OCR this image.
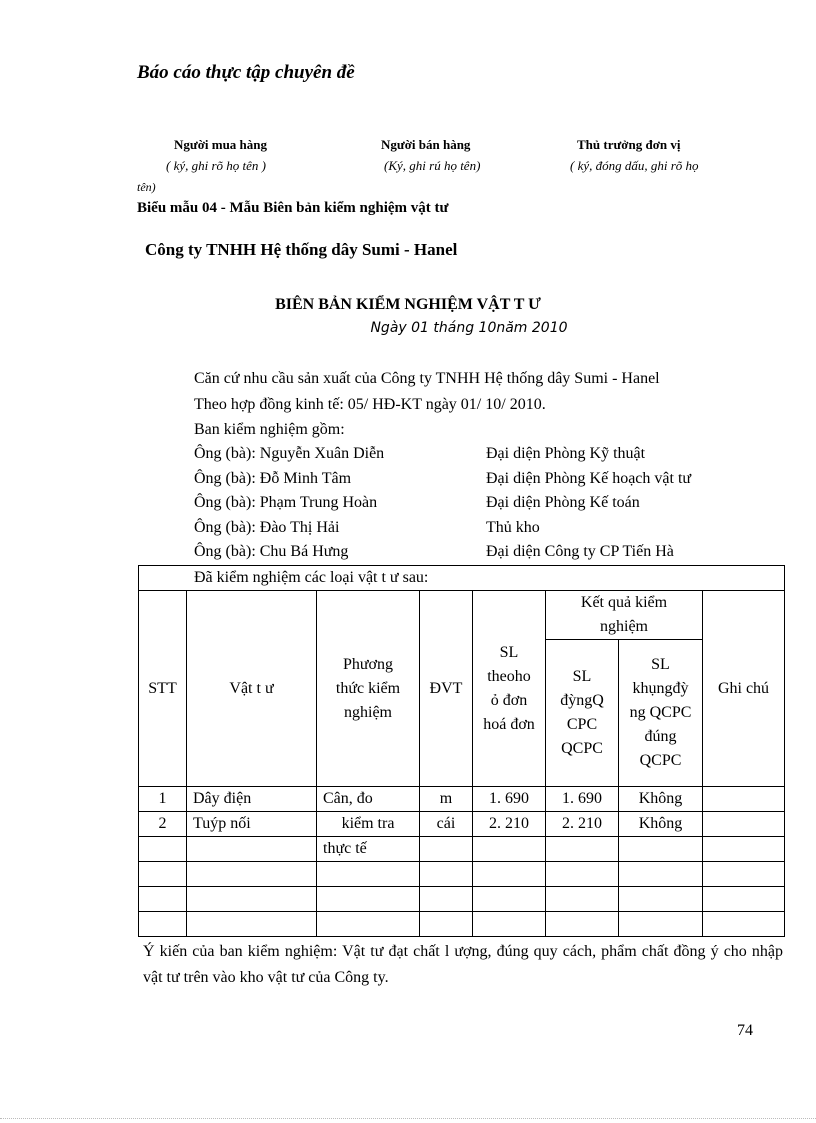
Báo cáo thực tập chuyên đề
Người mua hàng	Người bán hàng	Thủ trưởng đơn vị
( ký, ghi rõ họ tên )	(Ký, ghi rú họ tên)	( ký, đóng dấu, ghi rõ họ
tên)
Biểu mẫu 04 - Mẫu Biên bản kiểm nghiệm vật tư
Công ty TNHH Hệ thống dây Sumi - Hanel
BIÊN BẢN KIỂM NGHIỆM VẬT T Ư
Ngày 01 tháng 10năm 2010
Căn cứ nhu cầu sản xuất của Công ty TNHH Hệ thống dây Sumi - Hanel
Theo hợp đồng kinh tế: 05/ HĐ-KT ngày 01/ 10/ 2010.
Ban kiểm nghiệm gồm:
Ông (bà): Nguyễn Xuân Diễn	Đại diện Phòng Kỹ thuật
Ông (bà): Đỗ Minh Tâm	Đại diện Phòng Kế hoạch vật tư
Ông (bà): Phạm Trung Hoàn	Đại diện Phòng Kế toán
Ông (bà): Đào Thị Hải	Thủ kho
Ông (bà): Chu Bá Hưng	Đại diện Công ty CP Tiến Hà
Đã kiểm nghiệm các loại vật t ư sau:							
STT	Vật t ư	Phương thức kiểm nghiệm	ĐVT	SL theoho ỏ đơn hoá đơn	Kết quả kiểm nghiệm		Ghi chú
					SL đỳngQ CPC QCPC	SL khụngđỳ ng QCPC đúng QCPC	
1	Dây điện	Cân, đo	m	1. 690	1. 690	Không	
2	Tuýp nối	kiểm tra	cái	2. 210	2. 210	Không	
		thực tế					

Ý kiến của ban kiểm nghiệm: Vật tư đạt chất l ượng, đúng quy cách, phẩm chất đồng ý cho nhập vật tư trên vào kho vật tư của Công ty.
74
